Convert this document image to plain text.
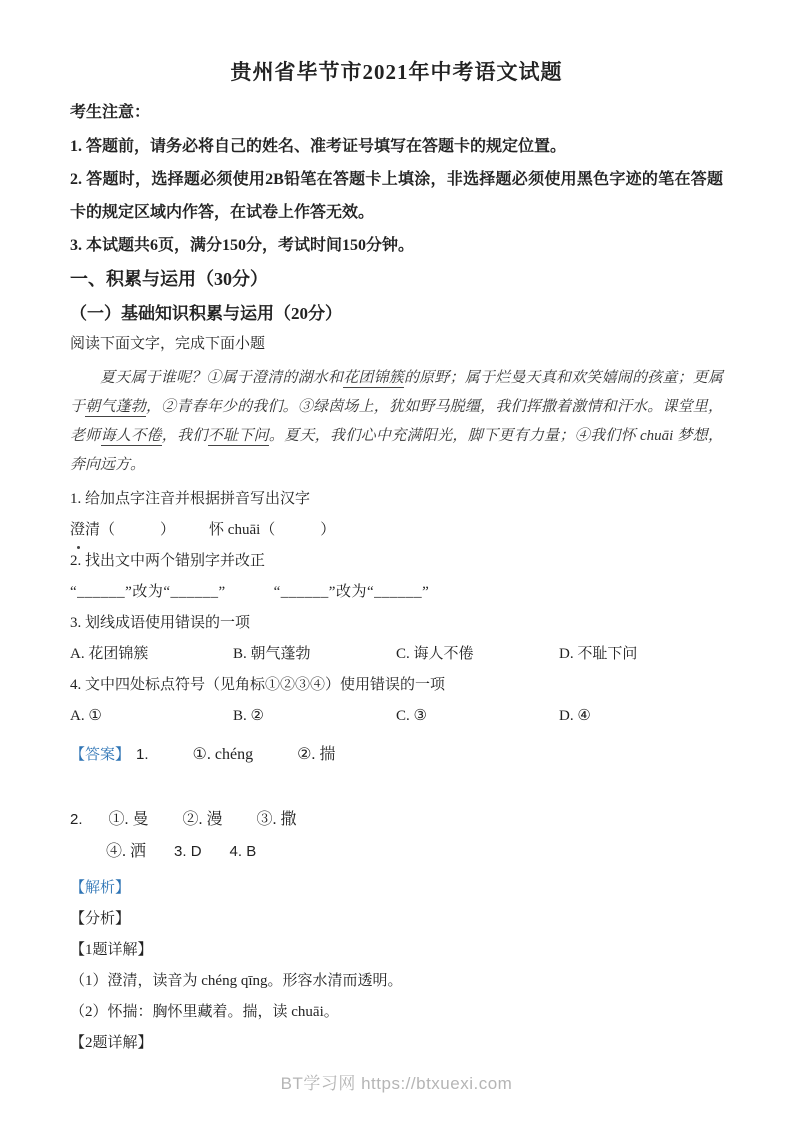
贵州省毕节市2021年中考语文试题
考生注意：
1. 答题前，请务必将自己的姓名、准考证号填写在答题卡的规定位置。
2. 答题时，选择题必须使用2B铅笔在答题卡上填涂，非选择题必须使用黑色字迹的笔在答题卡的规定区域内作答，在试卷上作答无效。
3. 本试题共6页，满分150分，考试时间150分钟。
一、积累与运用（30分）
（一）基础知识积累与运用（20分）
阅读下面文字，完成下面小题
夏天属于谁呢？①属于澄清的湖水和花团锦簇的原野；属于烂曼天真和欢笑嬉闹的孩童；更属于朝气蓬勃，②青春年少的我们。③绿茵场上，犹如野马脱缰，我们挥撒着激情和汗水。课堂里，老师诲人不倦，我们不耻下问。夏天，我们心中充满阳光，脚下更有力量；④我们怀 chuāi 梦想，奔向远方。
1. 给加点字注音并根据拼音写出汉字
澄清（　　　） 怀 chuāi（　　　）
2. 找出文中两个错别字并改正
“______”改为“______”	“______”改为“______”
3. 划线成语使用错误的一项
A. 花团锦簇	B. 朝气蓬勃	C. 诲人不倦	D. 不耻下问
4. 文中四处标点符号（见角标①②③④）使用错误的一项
A. ①	B. ②	C. ③	D. ④
【答案】 1.	①. chéng	②. 揣
2. ①. 曼 ②. 漫 ③. 撒
④. 洒 3. D 4. B
【解析】
【分析】
【1题详解】
（1）澄清，读音为 chéng qīng。形容水清而透明。
（2）怀揣：胸怀里藏着。揣，读 chuāi。
【2题详解】
BT学习网 https://btxuexi.com
